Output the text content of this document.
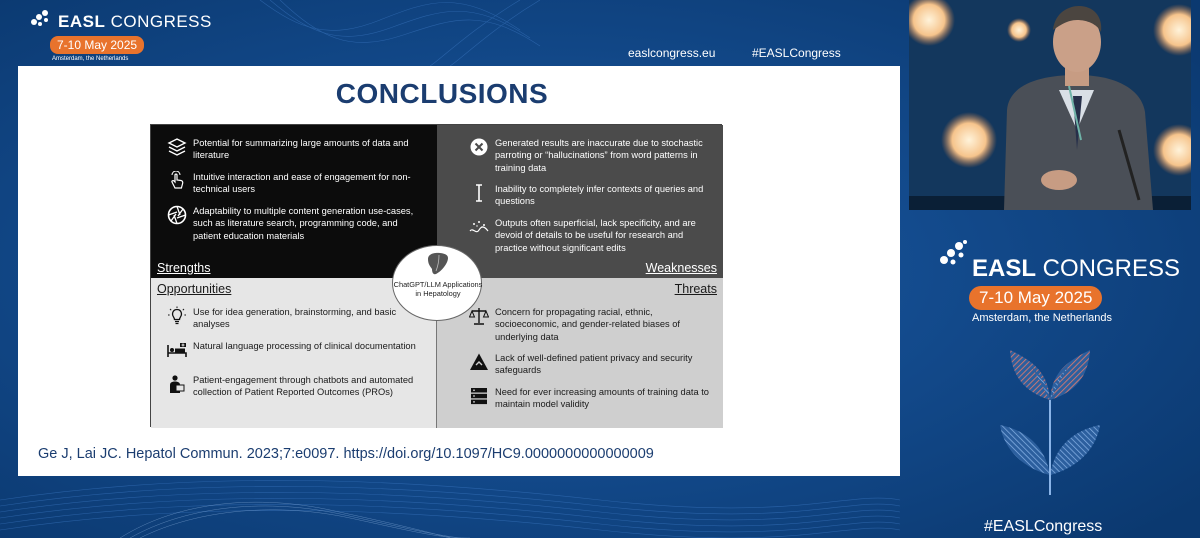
EASL CONGRESS
7-10 May 2025
Amsterdam, the Netherlands	easlcongress.eu	#EASLCongress
CONCLUSIONS
Potential for summarizing large amounts of data and literature
Intuitive interaction and ease of engagement for non-technical users
Adaptability to multiple content generation use-cases, such as literature search, programming code, and patient education materials
Strengths
Generated results are inaccurate due to stochastic parroting or “hallucinations” from word patterns in training data
Inability to completely infer contexts of queries and questions
Outputs often superficial, lack specificity, and are devoid of details to be useful for research and practice without significant edits
Weaknesses
Opportunities
Use for idea generation, brainstorming, and basic analyses
Natural language processing of clinical documentation
Patient-engagement through chatbots and automated collection of Patient Reported Outcomes (PROs)
Threats
Concern for propagating racial, ethnic, socioeconomic, and gender-related biases of underlying data
Lack of well-defined patient privacy and security safeguards
Need for ever increasing amounts of training data to maintain model validity
ChatGPT/LLM Applications in Hepatology
Ge J, Lai JC. Hepatol Commun. 2023;7:e0097. https://doi.org/10.1097/HC9.0000000000000009
EASL CONGRESS
7-10 May 2025
Amsterdam, the Netherlands
#EASLCongress
